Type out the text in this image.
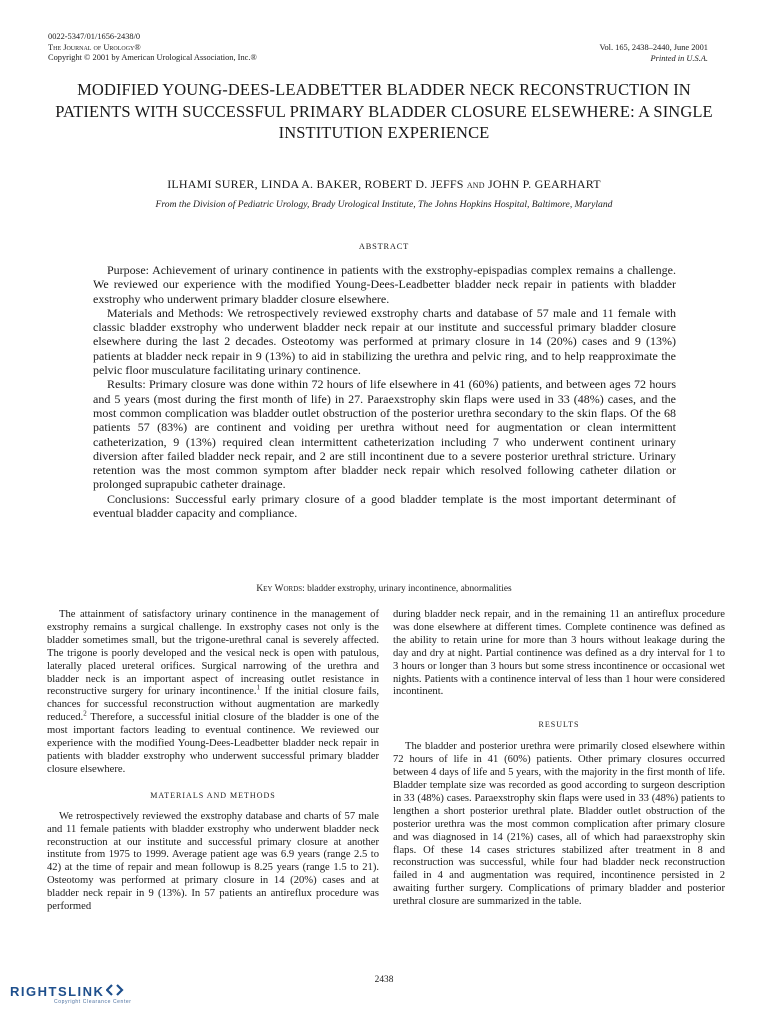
0022-5347/01/1656-2438/0
The Journal of Urology®
Copyright © 2001 by American Urological Association, Inc.®
Vol. 165, 2438–2440, June 2001
Printed in U.S.A.
MODIFIED YOUNG-DEES-LEADBETTER BLADDER NECK RECONSTRUCTION IN PATIENTS WITH SUCCESSFUL PRIMARY BLADDER CLOSURE ELSEWHERE: A SINGLE INSTITUTION EXPERIENCE
ILHAMI SURER, LINDA A. BAKER, ROBERT D. JEFFS and JOHN P. GEARHART
From the Division of Pediatric Urology, Brady Urological Institute, The Johns Hopkins Hospital, Baltimore, Maryland
ABSTRACT

Purpose: Achievement of urinary continence in patients with the exstrophy-epispadias complex remains a challenge. We reviewed our experience with the modified Young-Dees-Leadbetter bladder neck repair in patients with bladder exstrophy who underwent primary bladder closure elsewhere.

Materials and Methods: We retrospectively reviewed exstrophy charts and database of 57 male and 11 female with classic bladder exstrophy who underwent bladder neck repair at our institute and successful primary bladder closure elsewhere during the last 2 decades. Osteotomy was performed at primary closure in 14 (20%) cases and 9 (13%) patients at bladder neck repair in 9 (13%) to aid in stabilizing the urethra and pelvic ring, and to help reapproximate the pelvic floor musculature facilitating urinary continence.

Results: Primary closure was done within 72 hours of life elsewhere in 41 (60%) patients, and between ages 72 hours and 5 years (most during the first month of life) in 27. Paraexstrophy skin flaps were used in 33 (48%) cases, and the most common complication was bladder outlet obstruction of the posterior urethra secondary to the skin flaps. Of the 68 patients 57 (83%) are continent and voiding per urethra without need for augmentation or clean intermittent catheterization, 9 (13%) required clean intermittent catheterization including 7 who underwent continent urinary diversion after failed bladder neck repair, and 2 are still incontinent due to a severe posterior urethral stricture. Urinary retention was the most common symptom after bladder neck repair which resolved following catheter dilation or prolonged suprapubic catheter drainage.

Conclusions: Successful early primary closure of a good bladder template is the most important determinant of eventual bladder capacity and compliance.

Key Words: bladder exstrophy, urinary incontinence, abnormalities

The attainment of satisfactory urinary continence in the management of exstrophy remains a surgical challenge. In exstrophy cases not only is the bladder sometimes small, but the trigone-urethral canal is severely affected. The trigone is poorly developed and the vesical neck is open with patulous, laterally placed ureteral orifices. Surgical narrowing of the urethra and bladder neck is an important aspect of increasing outlet resistance in reconstructive surgery for urinary incontinence.$^1$ If the initial closure fails, chances for successful reconstruction without augmentation are markedly reduced.$^2$ Therefore, a successful initial closure of the bladder is one of the most important factors leading to eventual continence. We reviewed our experience with the modified Young-Dees-Leadbetter bladder neck repair in patients with bladder exstrophy who underwent successful primary bladder closure elsewhere.

MATERIALS AND METHODS

We retrospectively reviewed the exstrophy database and charts of 57 male and 11 female patients with bladder exstrophy who underwent bladder neck reconstruction at our institute and successful primary closure at another institute from 1975 to 1999. Average patient age was 6.9 years (range 2.5 to 42) at the time of repair and mean followup is 8.25 years (range 1.5 to 21). Osteotomy was performed at primary closure in 14 (20%) cases and at bladder neck repair in 9 (13%). In 57 patients an antireflux procedure was performed

during bladder neck repair, and in the remaining 11 an antireflux procedure was done elsewhere at different times. Complete continence was defined as the ability to retain urine for more than 3 hours without leakage during the day and dry at night. Partial continence was defined as a dry interval for 1 to 3 hours or longer than 3 hours but some stress incontinence or occasional wet nights. Patients with a continence interval of less than 1 hour were considered incontinent.

RESULTS

The bladder and posterior urethra were primarily closed elsewhere within 72 hours of life in 41 (60%) patients. Other primary closures occurred between 4 days of life and 5 years, with the majority in the first month of life. Bladder template size was recorded as good according to surgeon description in 33 (48%) cases. Paraexstrophy skin flaps were used in 33 (48%) patients to lengthen a short posterior urethral plate. Bladder outlet obstruction of the posterior urethra was the most common complication after primary closure and was diagnosed in 14 (21%) cases, all of which had paraexstrophy skin flaps. Of these 14 cases strictures stabilized after treatment in 8 and reconstruction was successful, while four had bladder neck reconstruction failed in 4 and augmentation was required, incontinence persisted in 2 awaiting further surgery. Complications of primary bladder and posterior urethral closure are summarized in the table.

2438
RIGHTSLINK
Copyright Clearance Center
